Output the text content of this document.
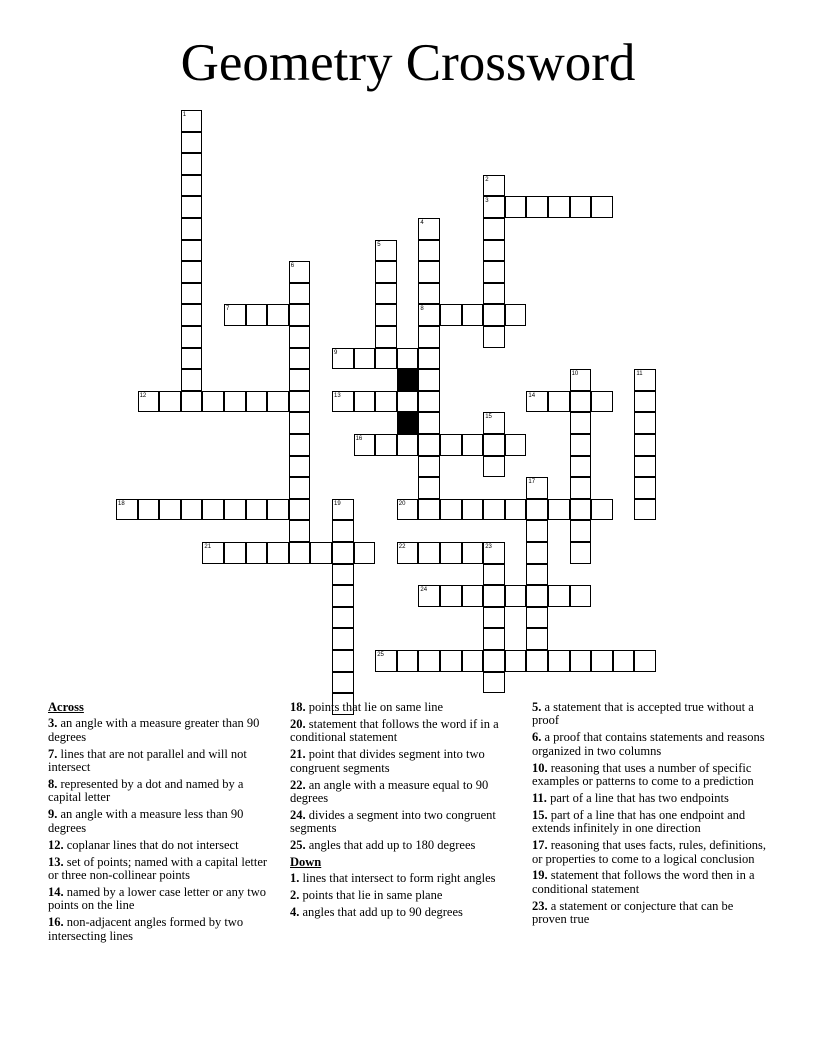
Geometry Crossword
3
7	8
9
12	13	14
16
18	20
21	22
24
25
1
2
4
5
6
10	11
15
17
19
23
Across
3. an angle with a measure greater than 90 degrees
7. lines that are not parallel and will not intersect
8. represented by a dot and named by a capital letter
9. an angle with a measure less than 90 degrees
12. coplanar lines that do not intersect
13. set of points; named with a capital letter or three non-collinear points
14. named by a lower case letter or any two points on the line
16. non-adjacent angles formed by two intersecting lines
18. points that lie on same line
20. statement that follows the word if in a conditional statement
21. point that divides segment into two congruent segments
22. an angle with a measure equal to 90 degrees
24. divides a segment into two congruent segments
25. angles that add up to 180 degrees
Down
1. lines that intersect to form right angles
2. points that lie in same plane
4. angles that add up to 90 degrees
5. a statement that is accepted true without a proof
6. a proof that contains statements and reasons organized in two columns
10. reasoning that uses a number of specific examples or patterns to come to a prediction
11. part of a line that has two endpoints
15. part of a line that has one endpoint and extends infinitely in one direction
17. reasoning that uses facts, rules, definitions, or properties to come to a logical conclusion
19. statement that follows the word then in a conditional statement
23. a statement or conjecture that can be proven true
